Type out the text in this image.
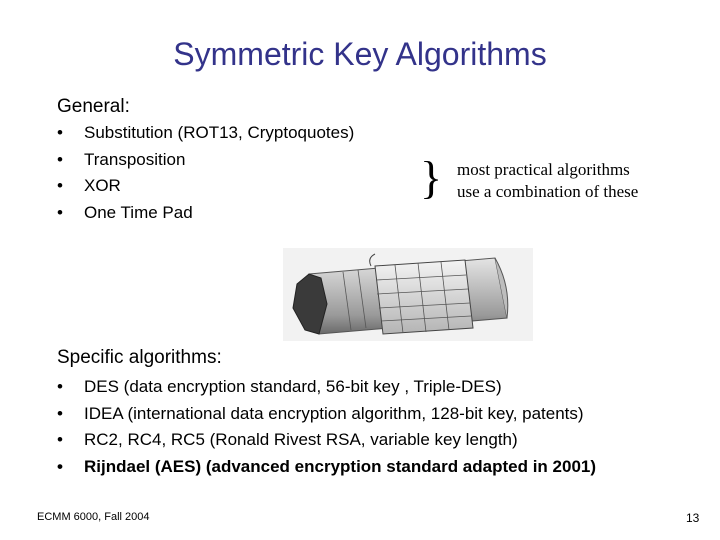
Symmetric Key Algorithms
General:
• Substitution (ROT13, Cryptoquotes)
• Transposition
• XOR
• One Time Pad
} most practical algorithms
use a combination of these
Specific algorithms:
• DES (data encryption standard, 56-bit key , Triple-DES)
• IDEA (international data encryption algorithm, 128-bit key, patents)
• RC2, RC4, RC5 (Ronald Rivest RSA, variable key length)
• Rijndael (AES) (advanced encryption standard adapted in 2001)
ECMM 6000, Fall 2004	13
